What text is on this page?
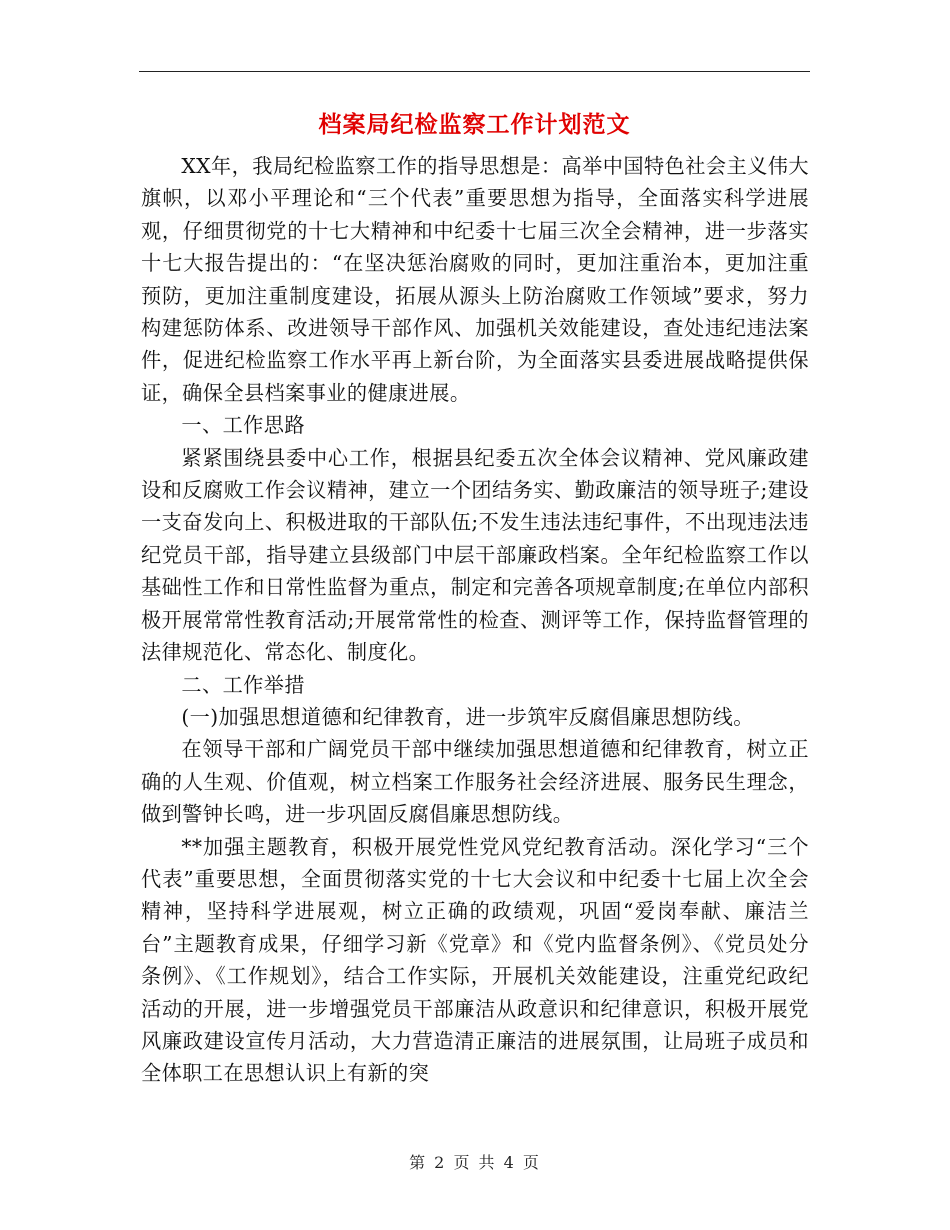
档案局纪检监察工作计划范文

XX年，我局纪检监察工作的指导思想是：高举中国特色社会主义伟大旗帜，以邓小平理论和“三个代表”重要思想为指导，全面落实科学进展观，仔细贯彻党的十七大精神和中纪委十七届三次全会精神，进一步落实十七大报告提出的：“在坚决惩治腐败的同时，更加注重治本，更加注重预防，更加注重制度建设，拓展从源头上防治腐败工作领域”要求，努力构建惩防体系、改进领导干部作风、加强机关效能建设，查处违纪违法案件，促进纪检监察工作水平再上新台阶，为全面落实县委进展战略提供保证，确保全县档案事业的健康进展。

一、工作思路

紧紧围绕县委中心工作，根据县纪委五次全体会议精神、党风廉政建设和反腐败工作会议精神，建立一个团结务实、勤政廉洁的领导班子;建设一支奋发向上、积极进取的干部队伍;不发生违法违纪事件，不出现违法违纪党员干部，指导建立县级部门中层干部廉政档案。全年纪检监察工作以基础性工作和日常性监督为重点，制定和完善各项规章制度;在单位内部积极开展常常性教育活动;开展常常性的检查、测评等工作，保持监督管理的法律规范化、常态化、制度化。

二、工作举措

(一)加强思想道德和纪律教育，进一步筑牢反腐倡廉思想防线。

在领导干部和广阔党员干部中继续加强思想道德和纪律教育，树立正确的人生观、价值观，树立档案工作服务社会经济进展、服务民生理念，做到警钟长鸣，进一步巩固反腐倡廉思想防线。

**加强主题教育，积极开展党性党风党纪教育活动。深化学习“三个代表”重要思想，全面贯彻落实党的十七大会议和中纪委十七届上次全会精神，坚持科学进展观，树立正确的政绩观，巩固“爱岗奉献、廉洁兰台”主题教育成果，仔细学习新《党章》和《党内监督条例》、《党员处分条例》、《工作规划》，结合工作实际，开展机关效能建设，注重党纪政纪活动的开展，进一步增强党员干部廉洁从政意识和纪律意识，积极开展党风廉政建设宣传月活动，大力营造清正廉洁的进展氛围，让局班子成员和全体职工在思想认识上有新的突

第 2 页 共 4 页
